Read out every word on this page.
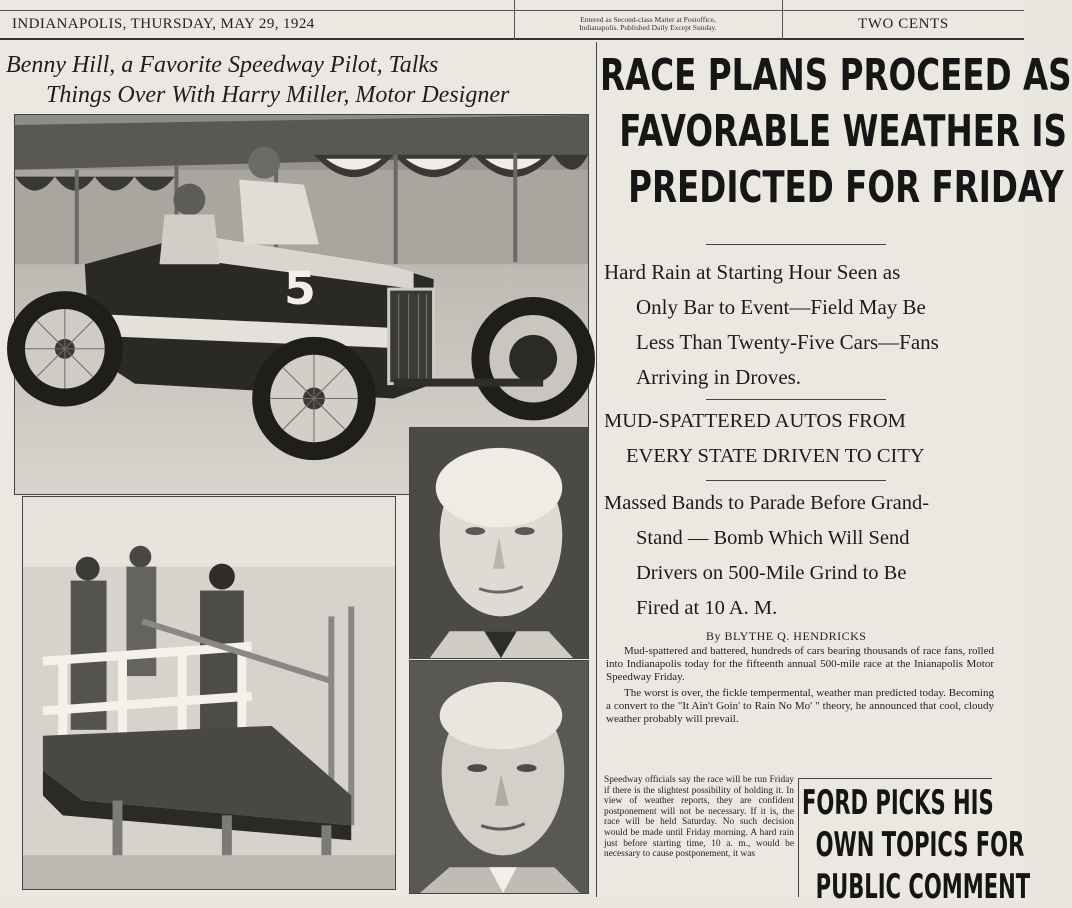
INDIANAPOLIS, THURSDAY, MAY 29, 1924	Entered as Second-class Matter at Postoffice,
Indianapolis. Published Daily Except Sunday.	TWO CENTS
Benny Hill, a Favorite Speedway Pilot, Talks
Things Over With Harry Miller, Motor Designer
5
RACE PLANS PROCEED AS
FAVORABLE WEATHER IS
PREDICTED FOR FRIDAY
Hard Rain at Starting Hour Seen as
Only Bar to Event—Field May Be
Less Than Twenty-Five Cars—Fans
Arriving in Droves.
MUD-SPATTERED AUTOS FROM
EVERY STATE DRIVEN TO CITY
Massed Bands to Parade Before Grand-
Stand — Bomb Which Will Send
Drivers on 500-Mile Grind to Be
Fired at 10 A. M.
By BLYTHE Q. HENDRICKS

Mud-spattered and battered, hundreds of cars bearing thousands of race fans, rolled into Indianapolis today for the fifteenth annual 500-mile race at the Inianapolis Motor Speedway Friday.

The worst is over, the fickle tempermental, weather man predicted today. Becoming a convert to the "It Ain't Goin' to Rain No Mo' " theory, he announced that cool, cloudy weather probably will prevail.

Speedway officials say the race will be run Friday if there is the slightest possibility of holding it. In view of weather reports, they are confident postponement will not be necessary. If it is, the race will be held Saturday. No such decision would be made until Friday morning. A hard rain just before starting time, 10 a. m., would be necessary to cause postponement, it was
FORD PICKS HIS
OWN TOPICS FOR
PUBLIC COMMENT
